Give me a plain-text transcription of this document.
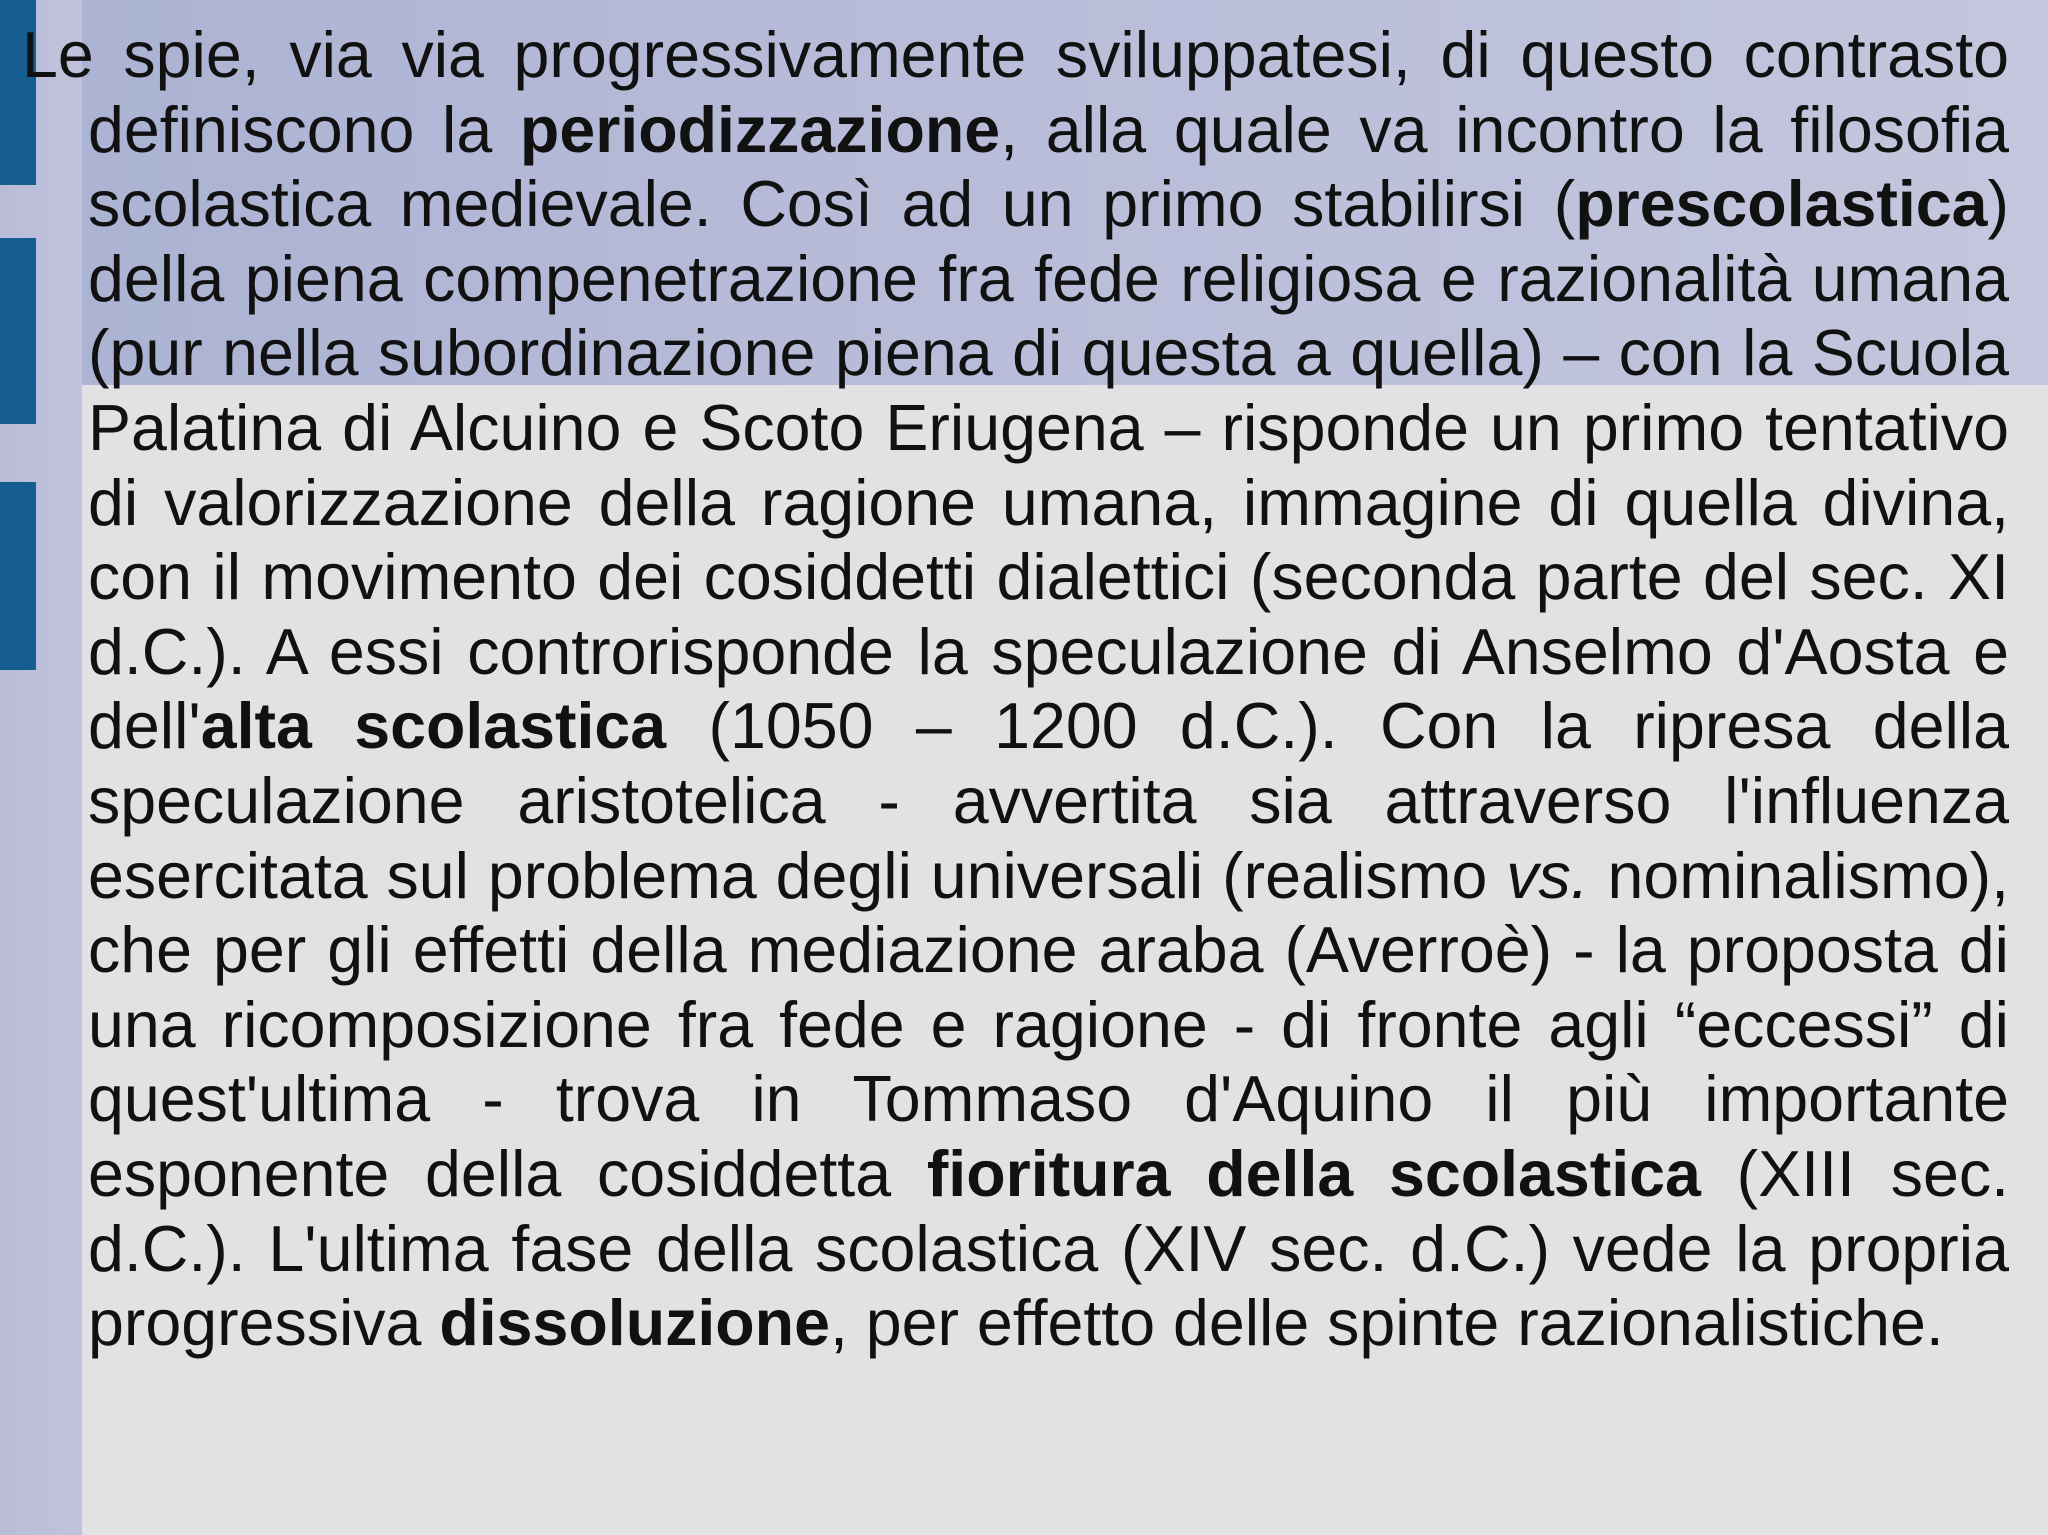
Le spie, via via progressivamente sviluppatesi, di questo contrasto definiscono la periodizzazione, alla quale va incontro la filosofia scolastica medievale. Così ad un primo stabilirsi (prescolastica) della piena compenetrazione fra fede religiosa e razionalità umana (pur nella subordinazione piena di questa a quella) – con la Scuola Palatina di Alcuino e Scoto Eriugena – risponde un primo tentativo di valorizzazione della ragione umana, immagine di quella divina, con il movimento dei cosiddetti dialettici (seconda parte del sec. XI d.C.). A essi controrisponde la speculazione di Anselmo d'Aosta e dell'alta scolastica (1050 – 1200 d.C.). Con la ripresa della speculazione aristotelica - avvertita sia attraverso l'influenza esercitata sul problema degli universali (realismo vs. nominalismo), che per gli effetti della mediazione araba (Averroè) - la proposta di una ricomposizione fra fede e ragione - di fronte agli “eccessi” di quest'ultima - trova in Tommaso d'Aquino il più importante esponente della cosiddetta fioritura della scolastica (XIII sec. d.C.). L'ultima fase della scolastica (XIV sec. d.C.) vede la propria progressiva dissoluzione, per effetto delle spinte razionalistiche.
